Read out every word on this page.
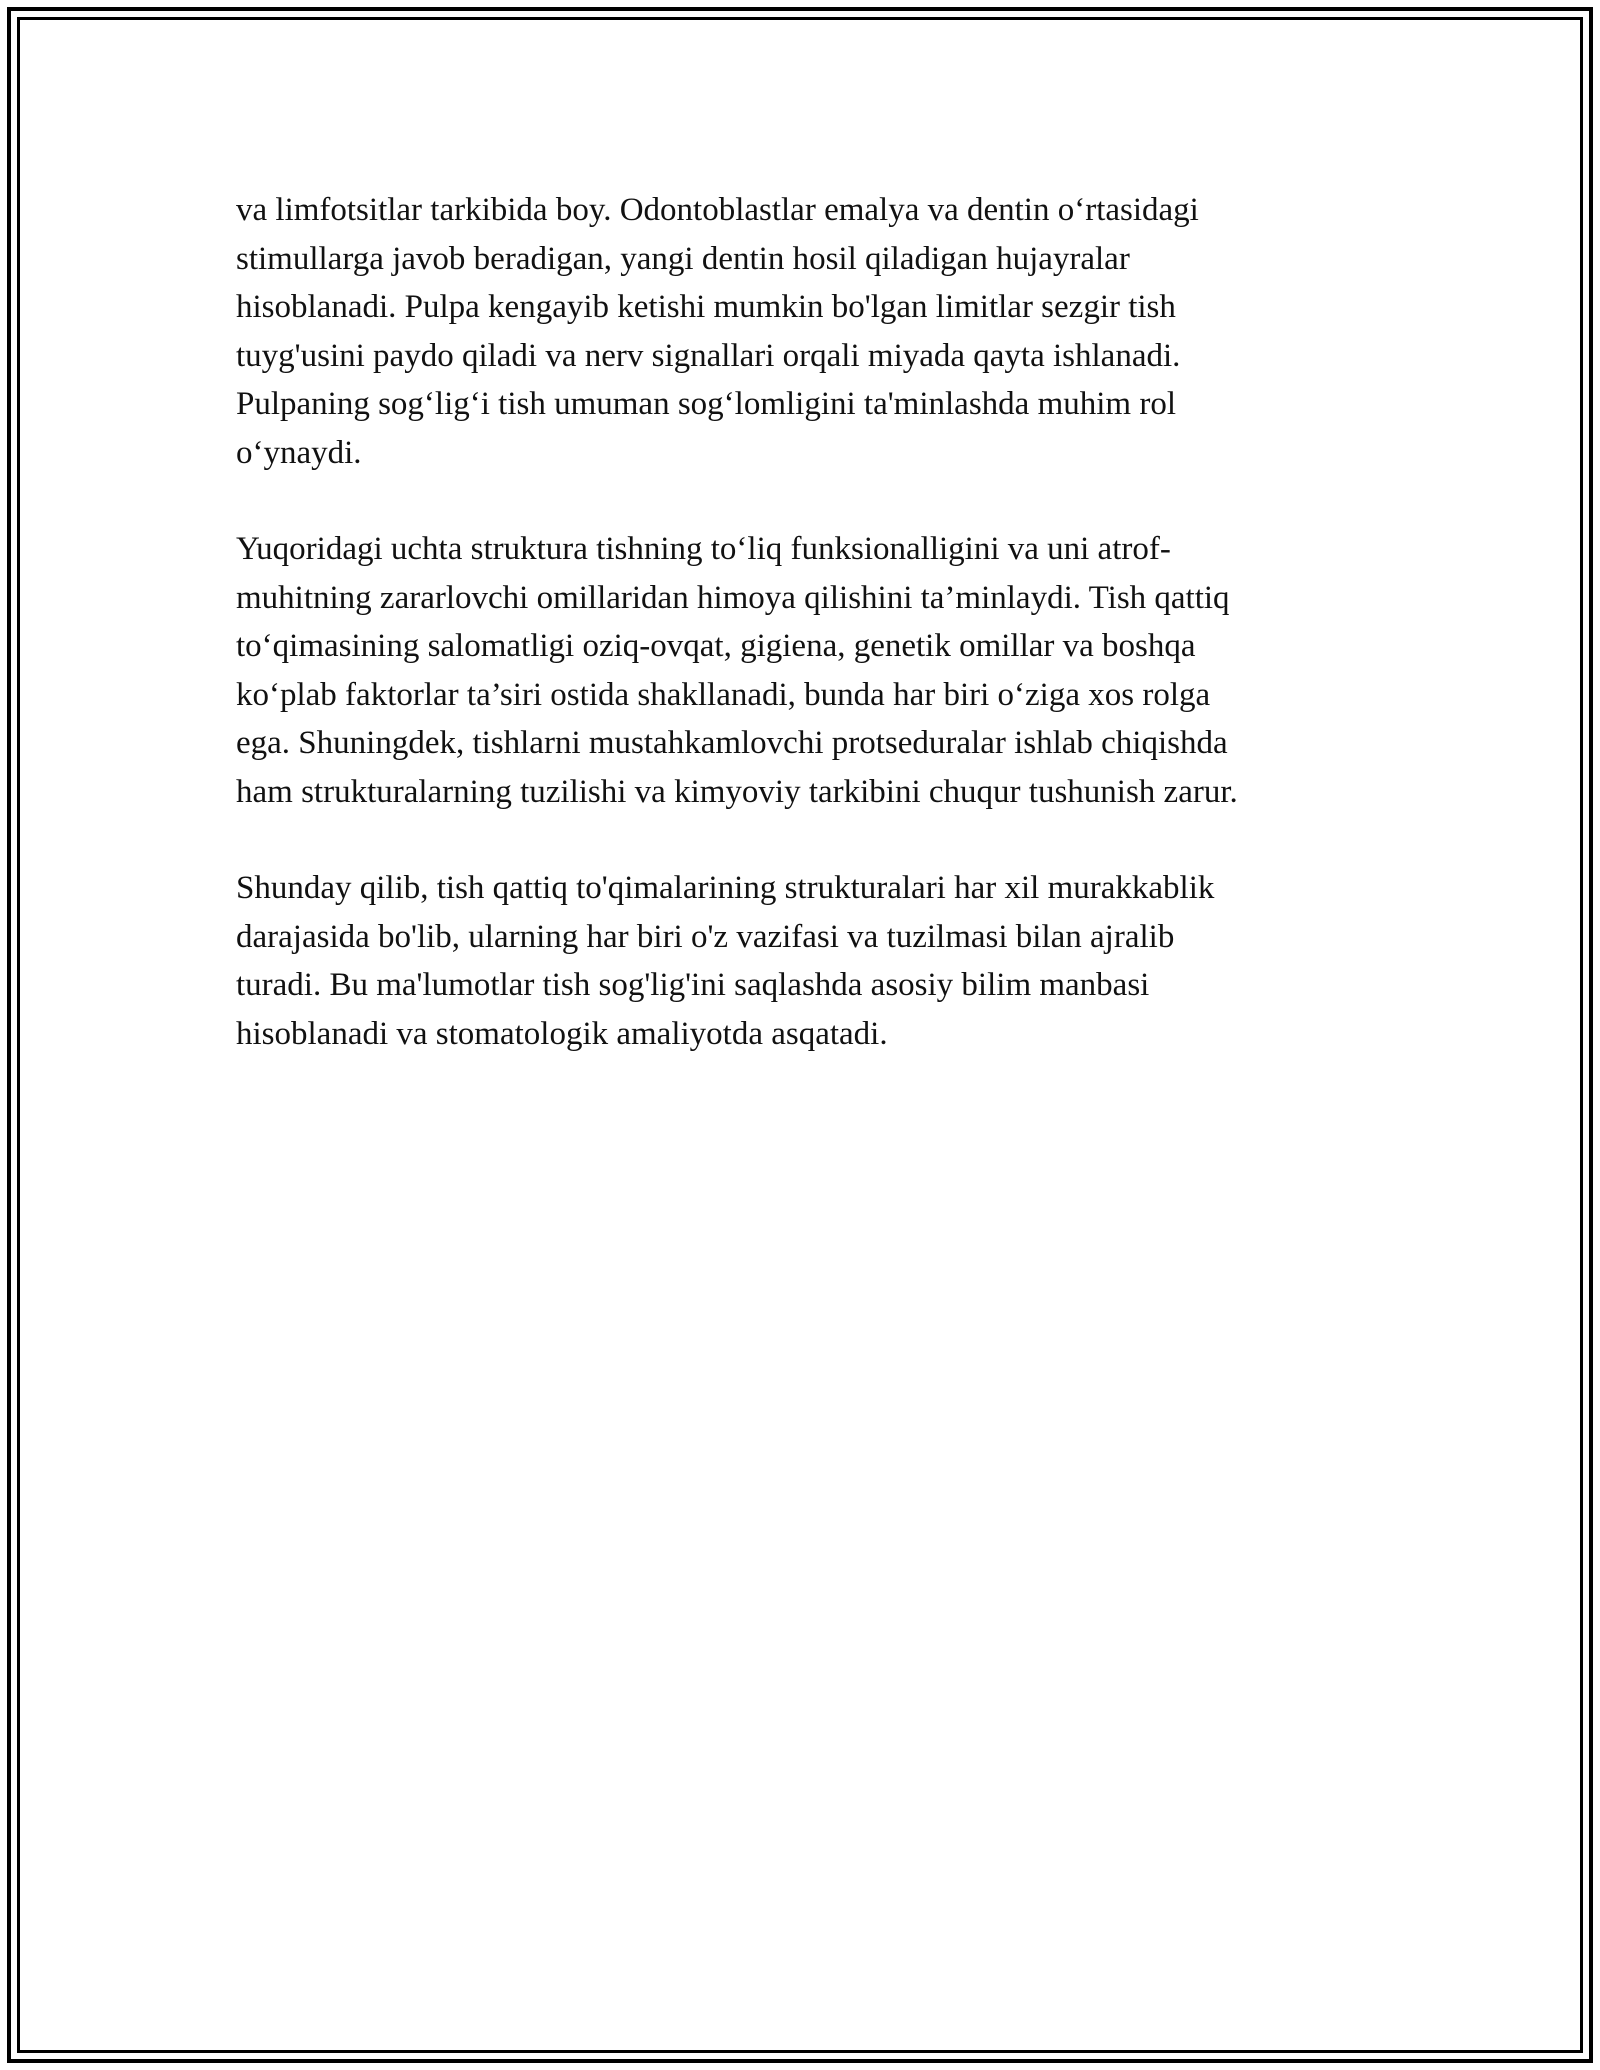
va limfotsitlar tarkibida boy. Odontoblastlar emalya va dentin o‘rtasidagi
stimullarga javob beradigan, yangi dentin hosil qiladigan hujayralar
hisoblanadi. Pulpa kengayib ketishi mumkin bo'lgan limitlar sezgir tish
tuyg'usini paydo qiladi va nerv signallari orqali miyada qayta ishlanadi.
Pulpaning sog‘lig‘i tish umuman sog‘lomligini ta'minlashda muhim rol
o‘ynaydi.

Yuqoridagi uchta struktura tishning to‘liq funksionalligini va uni atrof-
muhitning zararlovchi omillaridan himoya qilishini ta’minlaydi. Tish qattiq
to‘qimasining salomatligi oziq-ovqat, gigiena, genetik omillar va boshqa
ko‘plab faktorlar ta’siri ostida shakllanadi, bunda har biri o‘ziga xos rolga
ega. Shuningdek, tishlarni mustahkamlovchi protseduralar ishlab chiqishda
ham strukturalarning tuzilishi va kimyoviy tarkibini chuqur tushunish zarur.

Shunday qilib, tish qattiq to'qimalarining strukturalari har xil murakkablik
darajasida bo'lib, ularning har biri o'z vazifasi va tuzilmasi bilan ajralib
turadi. Bu ma'lumotlar tish sog'lig'ini saqlashda asosiy bilim manbasi
hisoblanadi va stomatologik amaliyotda asqatadi.
